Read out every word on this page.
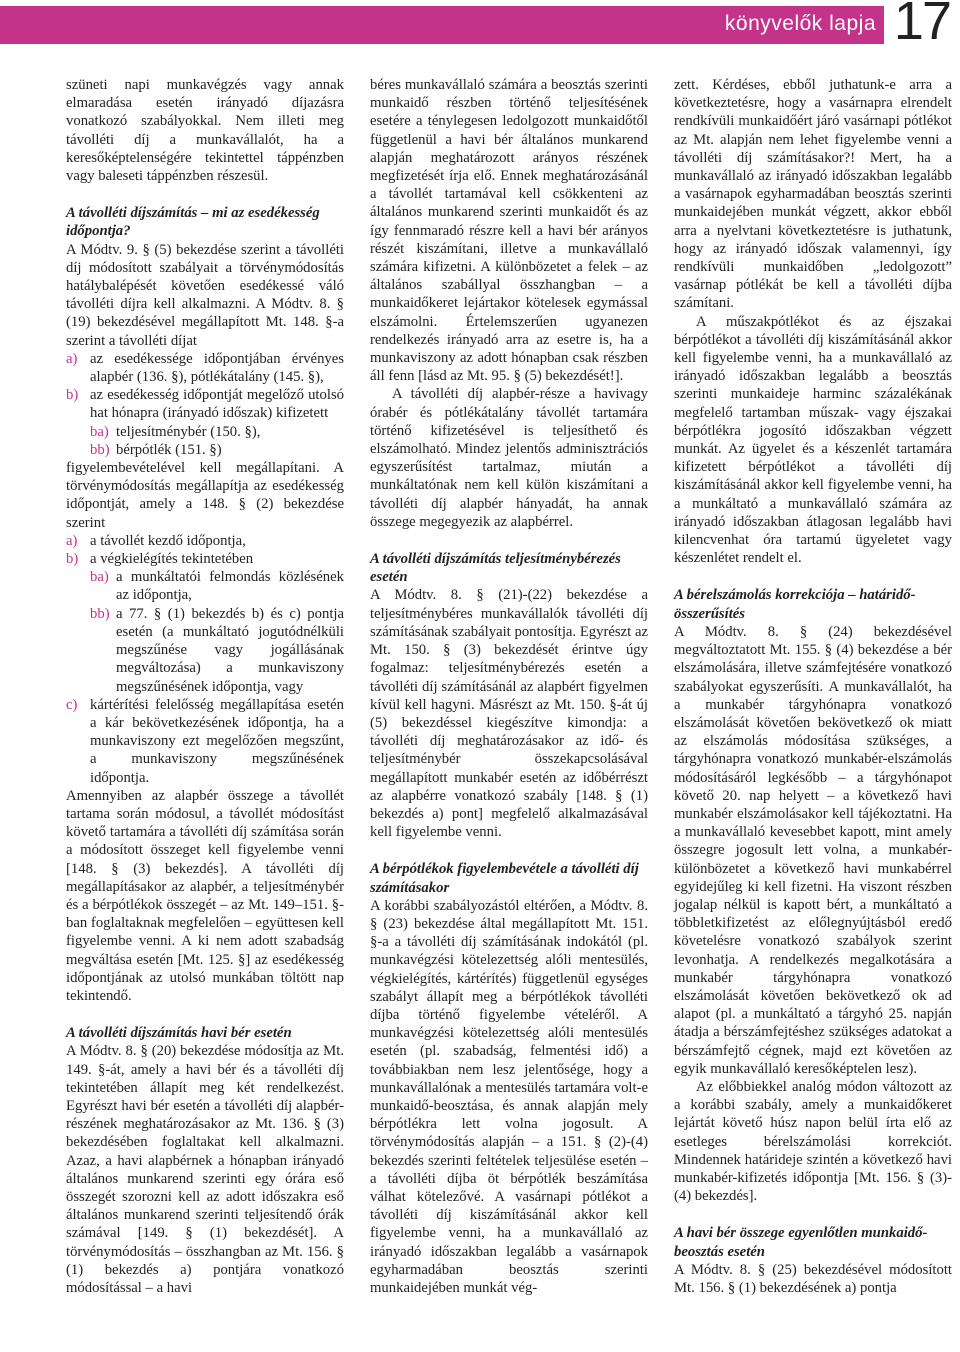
könyvelők lapja 17

szüneti napi munkavégzés vagy annak elmaradása esetén irányadó díjazásra vonatkozó szabályokkal. Nem illeti meg távolléti díj a munkavállalót, ha a keresőképtelenségére tekintettel táppénzben vagy baleseti táppénzben részesül.

A távolléti díjszámítás – mi az esedékesség időpontja?

A Módtv. 9. § (5) bekezdése szerint a távolléti díj módosított szabályait a törvénymódosítás hatálybalépését követően esedékessé váló távolléti díjra kell alkalmazni. A Módtv. 8. § (19) bekezdésével megállapított Mt. 148. §-a szerint a távolléti díjat

a) az esedékessége időpontjában érvényes alapbér (136. §), pótlékátalány (145. §),
b) az esedékesség időpontját megelőző utolsó hat hónapra (irányadó időszak) kifizetett
ba) teljesítménybér (150. §),
bb) bérpótlék (151. §)

figyelembevételével kell megállapítani. A törvénymódosítás megállapítja az esedékesség időpontját, amely a 148. § (2) bekezdése szerint

a) a távollét kezdő időpontja,
b) a végkielégítés tekintetében
ba) a munkáltatói felmondás közlésének az időpontja,
bb) a 77. § (1) bekezdés b) és c) pontja esetén (a munkáltató jogutódnélküli megszűnése vagy jogállásának megváltozása) a munkaviszony megszűnésének időpontja, vagy
c) kártérítési felelősség megállapítása esetén a kár bekövetkezésének időpontja, ha a munkaviszony ezt megelőzően megszűnt, a munkaviszony megszűnésének időpontja.

Amennyiben az alapbér összege a távollét tartama során módosul, a távollét módosítást követő tartamára a távolléti díj számítása során a módosított összeget kell figyelembe venni [148. § (3) bekezdés]. A távolléti díj megállapításakor az alapbér, a teljesítménybér és a bérpótlékok összegét – az Mt. 149–151. §-ban foglaltaknak megfelelően – együttesen kell figyelembe venni. A ki nem adott szabadság megváltása esetén [Mt. 125. §] az esedékesség időpontjának az utolsó munkában töltött nap tekintendő.

A távolléti díjszámítás havi bér esetén

A Módtv. 8. § (20) bekezdése módosítja az Mt. 149. §-át, amely a havi bér és a távolléti díj tekintetében állapít meg két rendelkezést. Egyrészt havi bér esetén a távolléti díj alapbér-részének meghatározásakor az Mt. 136. § (3) bekezdésében foglaltakat kell alkalmazni. Azaz, a havi alapbérnek a hónapban irányadó általános munkarend szerinti egy órára eső összegét szorozni kell az adott időszakra eső általános munkarend szerinti teljesítendő órák számával [149. § (1) bekezdését]. A törvénymódosítás – összhangban az Mt. 156. § (1) bekezdés a) pontjára vonatkozó módosítással – a havi

béres munkavállaló számára a beosztás szerinti munkaidő részben történő teljesítésének esetére a ténylegesen ledolgozott munkaidőtől függetlenül a havi bér általános munkarend alapján meghatározott arányos részének megfizetését írja elő. Ennek meghatározásánál a távollét tartamával kell csökkenteni az általános munkarend szerinti munkaidőt és az így fennmaradó részre kell a havi bér arányos részét kiszámítani, illetve a munkavállaló számára kifizetni. A különbözetet a felek – az általános szabállyal összhangban – a munkaidőkeret lejártakor kötelesek egymással elszámolni. Értelemszerűen ugyanezen rendelkezés irányadó arra az esetre is, ha a munkaviszony az adott hónapban csak részben áll fenn [lásd az Mt. 95. § (5) bekezdését!].

A távolléti díj alapbér-része a havivagy órabér és pótlékátalány távollét tartamára történő kifizetésével is teljesíthető és elszámolható. Mindez jelentős adminisztrációs egyszerűsítést tartalmaz, miután a munkáltatónak nem kell külön kiszámítani a távolléti díj alapbér hányadát, ha annak összege megegyezik az alapbérrel.

A távolléti díjszámítás teljesítménybérezés esetén

A Módtv. 8. § (21)-(22) bekezdése a teljesítménybéres munkavállalók távolléti díj számításának szabályait pontosítja. Egyrészt az Mt. 150. § (3) bekezdését érintve úgy fogalmaz: teljesítménybérezés esetén a távolléti díj számításánál az alapbért figyelmen kívül kell hagyni. Másrészt az Mt. 150. §-át új (5) bekezdéssel kiegészítve kimondja: a távolléti díj meghatározásakor az idő- és teljesítménybér összekapcsolásával megállapított munkabér esetén az időbérrészt az alapbérre vonatkozó szabály [148. § (1) bekezdés a) pont] megfelelő alkalmazásával kell figyelembe venni.

A bérpótlékok figyelembevétele a távolléti díj számításakor

A korábbi szabályozástól eltérően, a Módtv. 8. § (23) bekezdése által megállapított Mt. 151. §-a a távolléti díj számításának indokától (pl. munkavégzési kötelezettség alóli mentesülés, végkielégítés, kártérítés) függetlenül egységes szabályt állapít meg a bérpótlékok távolléti díjba történő figyelembe vételéről. A munkavégzési kötelezettség alóli mentesülés esetén (pl. szabadság, felmentési idő) a továbbiakban nem lesz jelentősége, hogy a munkavállalónak a mentesülés tartamára volt-e munkaidő-beosztása, és annak alapján mely bérpótlékra lett volna jogosult. A törvénymódosítás alapján – a 151. § (2)-(4) bekezdés szerinti feltételek teljesülése esetén – a távolléti díjba öt bérpótlék beszámítása válhat kötelezővé. A vasárnapi pótlékot a távolléti díj kiszámításánál akkor kell figyelembe venni, ha a munkavállaló az irányadó időszakban legalább a vasárnapok egyharmadában beosztás szerinti munkaidejében munkát vég-

zett. Kérdéses, ebből juthatunk-e arra a következtetésre, hogy a vasárnapra elrendelt rendkívüli munkaidőért járó vasárnapi pótlékot az Mt. alapján nem lehet figyelembe venni a távolléti díj számításakor?! Mert, ha a munkavállaló az irányadó időszakban legalább a vasárnapok egyharmadában beosztás szerinti munkaidejében munkát végzett, akkor ebből arra a nyelvtani következtetésre is juthatunk, hogy az irányadó időszak valamennyi, így rendkívüli munkaidőben „ledolgozott” vasárnap pótlékát be kell a távolléti díjba számítani.

A műszakpótlékot és az éjszakai bérpótlékot a távolléti díj kiszámításánál akkor kell figyelembe venni, ha a munkavállaló az irányadó időszakban legalább a beosztás szerinti munkaideje harminc százalékának megfelelő tartamban műszak- vagy éjszakai bérpótlékra jogosító időszakban végzett munkát. Az ügyelet és a készenlét tartamára kifizetett bérpótlékot a távolléti díj kiszámításánál akkor kell figyelembe venni, ha a munkáltató a munkavállaló számára az irányadó időszakban átlagosan legalább havi kilencvenhat óra tartamú ügyeletet vagy készenlétet rendelt el.

A bérelszámolás korrekciója – határidő-összerűsítés

A Módtv. 8. § (24) bekezdésével megváltoztatott Mt. 155. § (4) bekezdése a bér elszámolására, illetve számfejtésére vonatkozó szabályokat egyszerűsíti. A munkavállalót, ha a munkabér tárgyhónapra vonatkozó elszámolását követően bekövetkező ok miatt az elszámolás módosítása szükséges, a tárgyhónapra vonatkozó munkabér-elszámolás módosításáról legkésőbb – a tárgyhónapot követő 20. nap helyett – a következő havi munkabér elszámolásakor kell tájékoztatni. Ha a munkavállaló kevesebbet kapott, mint amely összegre jogosult lett volna, a munkabér-különbözetet a következő havi munkabérrel egyidejűleg ki kell fizetni. Ha viszont részben jogalap nélkül is kapott bért, a munkáltató a többletkifizetést az előlegnyújtásból eredő követelésre vonatkozó szabályok szerint levonhatja. A rendelkezés megalkotására a munkabér tárgyhónapra vonatkozó elszámolását követően bekövetkező ok ad alapot (pl. a munkáltató a tárgyhó 25. napján átadja a bérszámfejtéshez szükséges adatokat a bérszámfejtő cégnek, majd ezt követően az egyik munkavállaló keresőképtelen lesz).

Az előbbiekkel analóg módon változott az a korábbi szabály, amely a munkaidőkeret lejártát követő húsz napon belül írta elő az esetleges bérelszámolási korrekciót. Mindennek határideje szintén a következő havi munkabér-kifizetés időpontja [Mt. 156. § (3)-(4) bekezdés].

A havi bér összege egyenlőtlen munkaidő-beosztás esetén

A Módtv. 8. § (25) bekezdésével módosított Mt. 156. § (1) bekezdésének a) pontja
